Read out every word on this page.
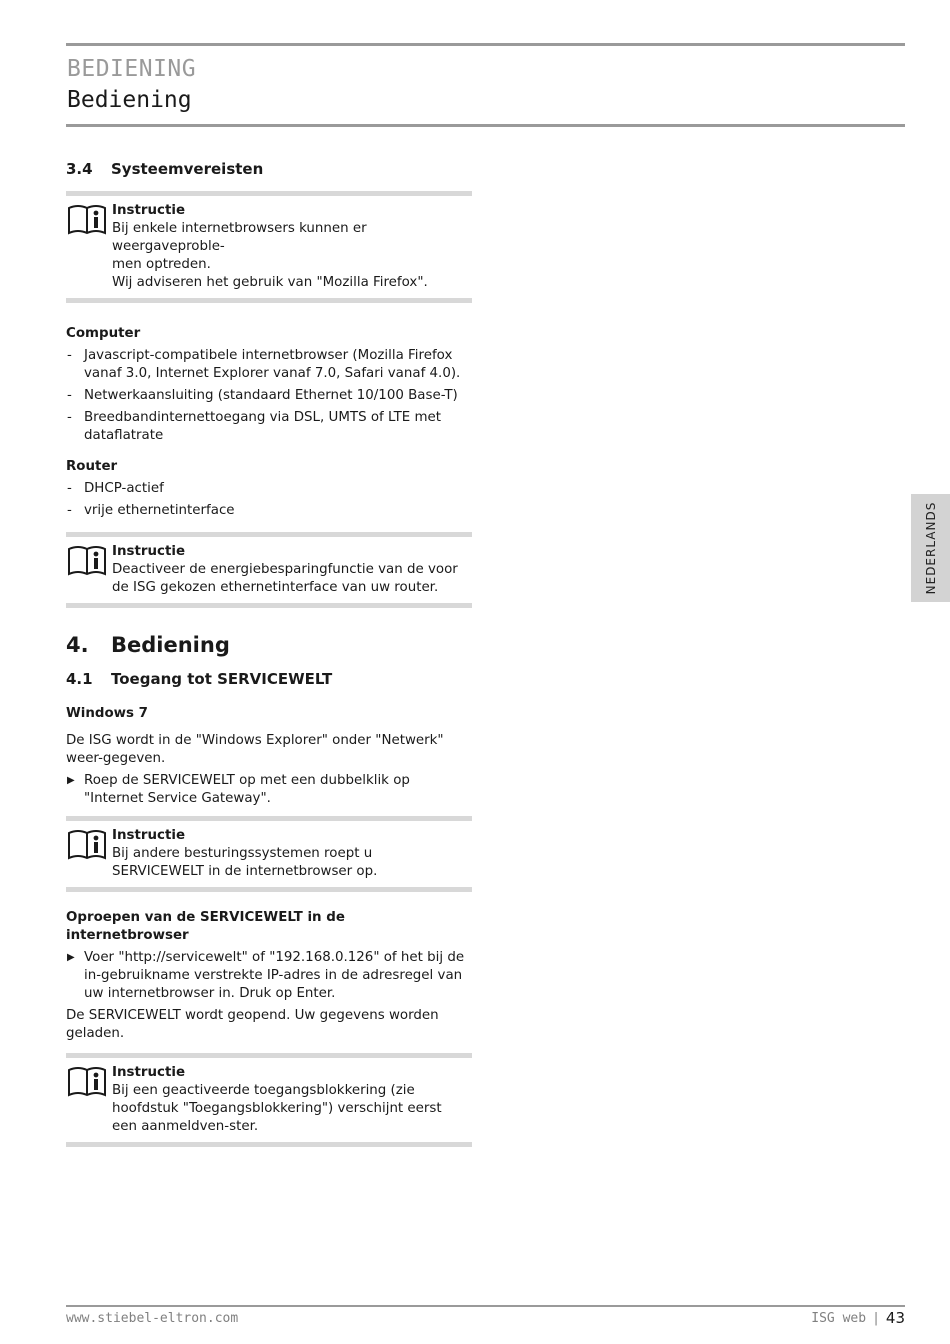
BEDIENING
Bediening
3.4	Systeemvereisten

Instructie

Bij enkele internetbrowsers kunnen er weergaveproble-

men optreden.

Wij adviseren het gebruik van "Mozilla Firefox".

Computer

- Javascript-compatibele internetbrowser (Mozilla Firefox vanaf 3.0, Internet Explorer vanaf 7.0, Safari vanaf 4.0).
- Netwerkaansluiting (standaard Ethernet 10/100 Base-T)
- Breedbandinternettoegang via DSL, UMTS of LTE met dataflatrate

Router

- DHCP-actief
- vrije ethernetinterface

Instructie

Deactiveer de energiebesparingfunctie van de voor de ISG gekozen ethernetinterface van uw router.

4.	Bediening
4.1	Toegang tot SERVICEWELT

Windows 7

De ISG wordt in de "Windows Explorer" onder "Netwerk" weer-gegeven.

▶ Roep de SERVICEWELT op met een dubbelklik op "Internet Service Gateway".

Instructie

Bij andere besturingssystemen roept u SERVICEWELT in de internetbrowser op.

Oproepen van de SERVICEWELT in de internetbrowser

▶ Voer "http://servicewelt" of "192.168.0.126" of het bij de in-gebruikname verstrekte IP-adres in de adresregel van uw internetbrowser in. Druk op Enter.

De SERVICEWELT wordt geopend. Uw gegevens worden geladen.

Instructie

Bij een geactiveerde toegangsblokkering (zie hoofdstuk "Toegangsblokkering") verschijnt eerst een aanmeldven-ster.

NEDERLANDS
www.stiebel-eltron.com	ISG web | 43
